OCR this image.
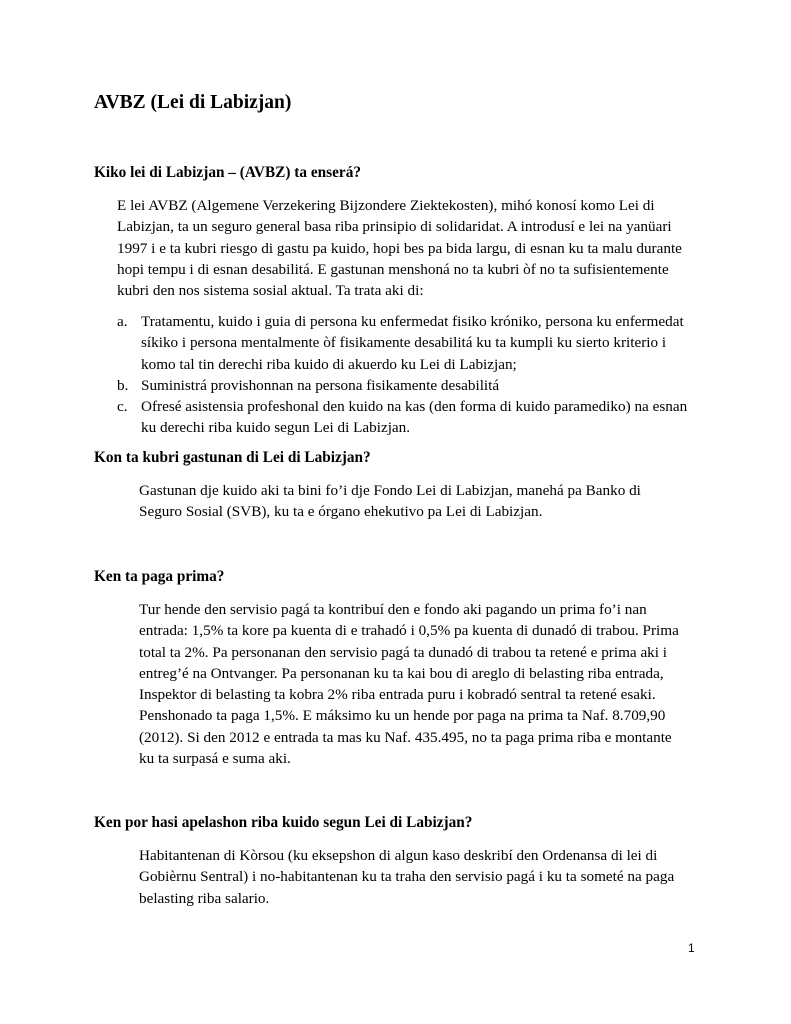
AVBZ (Lei di Labizjan)
Kiko lei di Labizjan – (AVBZ) ta enserá?

E lei AVBZ (Algemene Verzekering Bijzondere Ziektekosten), mihó konosí komo Lei di
Labizjan, ta un seguro general basa riba prinsipio di solidaridat. A introdusí e lei na yanüari
1997 i e ta kubri riesgo di gastu pa kuido, hopi bes pa bida largu, di esnan ku ta malu durante
hopi tempu i di esnan desabilitá. E gastunan menshoná no ta kubri òf no ta sufisientemente
kubri den nos sistema sosial aktual. Ta trata aki di:

a. Tratamentu, kuido i guia di persona ku enfermedat fisiko króniko, persona ku enfermedat
síkiko i persona mentalmente òf fisikamente desabilitá ku ta kumpli ku sierto kriterio i
komo tal tin derechi riba kuido di akuerdo ku Lei di Labizjan;
b. Suministrá provishonnan na persona fisikamente desabilitá
c. Ofresé asistensia profeshonal den kuido na kas (den forma di kuido paramediko) na esnan
ku derechi riba kuido segun Lei di Labizjan.
Kon ta kubri gastunan di Lei di Labizjan?

Gastunan dje kuido aki ta bini fo’i dje Fondo Lei di Labizjan, manehá pa Banko di
Seguro Sosial (SVB), ku ta e órgano ehekutivo pa Lei di Labizjan.

Ken ta paga prima?

Tur hende den servisio pagá ta kontribuí den e fondo aki pagando un prima fo’i nan
entrada: 1,5% ta kore pa kuenta di e trahadó i 0,5% pa kuenta di dunadó di trabou. Prima
total ta 2%. Pa personanan den servisio pagá ta dunadó di trabou ta retené e prima aki i
entreg’é na Ontvanger. Pa personanan ku ta kai bou di areglo di belasting riba entrada,
Inspektor di belasting ta kobra 2% riba entrada puru i kobradó sentral ta retené esaki.
Penshonado ta paga 1,5%. E máksimo ku un hende por paga na prima ta Naf. 8.709,90
(2012). Si den 2012 e entrada ta mas ku Naf. 435.495, no ta paga prima riba e montante
ku ta surpasá e suma aki.

Ken por hasi apelashon riba kuido segun Lei di Labizjan?

Habitantenan di Kòrsou (ku eksepshon di algun kaso deskribí den Ordenansa di lei di
Gobièrnu Sentral) i no-habitantenan ku ta traha den servisio pagá i ku ta someté na paga
belasting riba salario.

1
